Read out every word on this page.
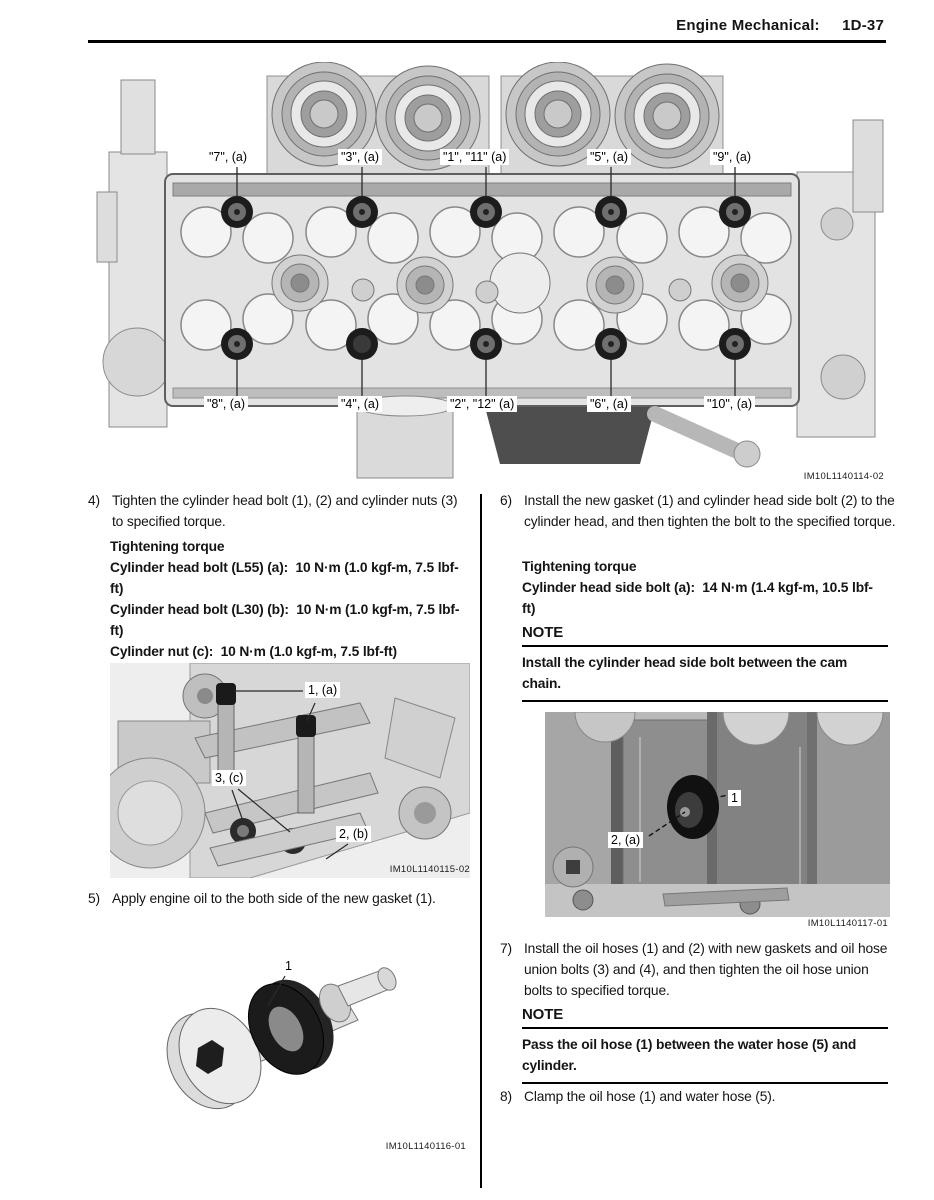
Engine Mechanical: 1D-37
"7", (a)	"3", (a)	"1", "11" (a)	"5", (a)	"9", (a)
"8", (a)	"4", (a)	"2", "12" (a)	"6", (a)	"10", (a)
IM10L1140114-02
4) Tighten the cylinder head bolt (1), (2) and cylinder nuts (3) to specified torque.
Tightening torque
Cylinder head bolt (L55) (a):  10 N·m (1.0 kgf-m, 7.5 lbf-ft)
Cylinder head bolt (L30) (b):  10 N·m (1.0 kgf-m, 7.5 lbf-ft)
Cylinder nut (c):  10 N·m (1.0 kgf-m, 7.5 lbf-ft)
1, (a)
3, (c)
2, (b)
IM10L1140115-02
5) Apply engine oil to the both side of the new gasket (1).
1
IM10L1140116-01
6) Install the new gasket (1) and cylinder head side bolt (2) to the cylinder head, and then tighten the bolt to the specified torque.
Tightening torque
Cylinder head side bolt (a):  14 N·m (1.4 kgf-m, 10.5 lbf-ft)
NOTE
Install the cylinder head side bolt between the cam chain.
1
2, (a)
IM10L1140117-01
7) Install the oil hoses (1) and (2) with new gaskets and oil hose union bolts (3) and (4), and then tighten the oil hose union bolts to specified torque.
NOTE
Pass the oil hose (1) between the water hose (5) and cylinder.
8) Clamp the oil hose (1) and water hose (5).
